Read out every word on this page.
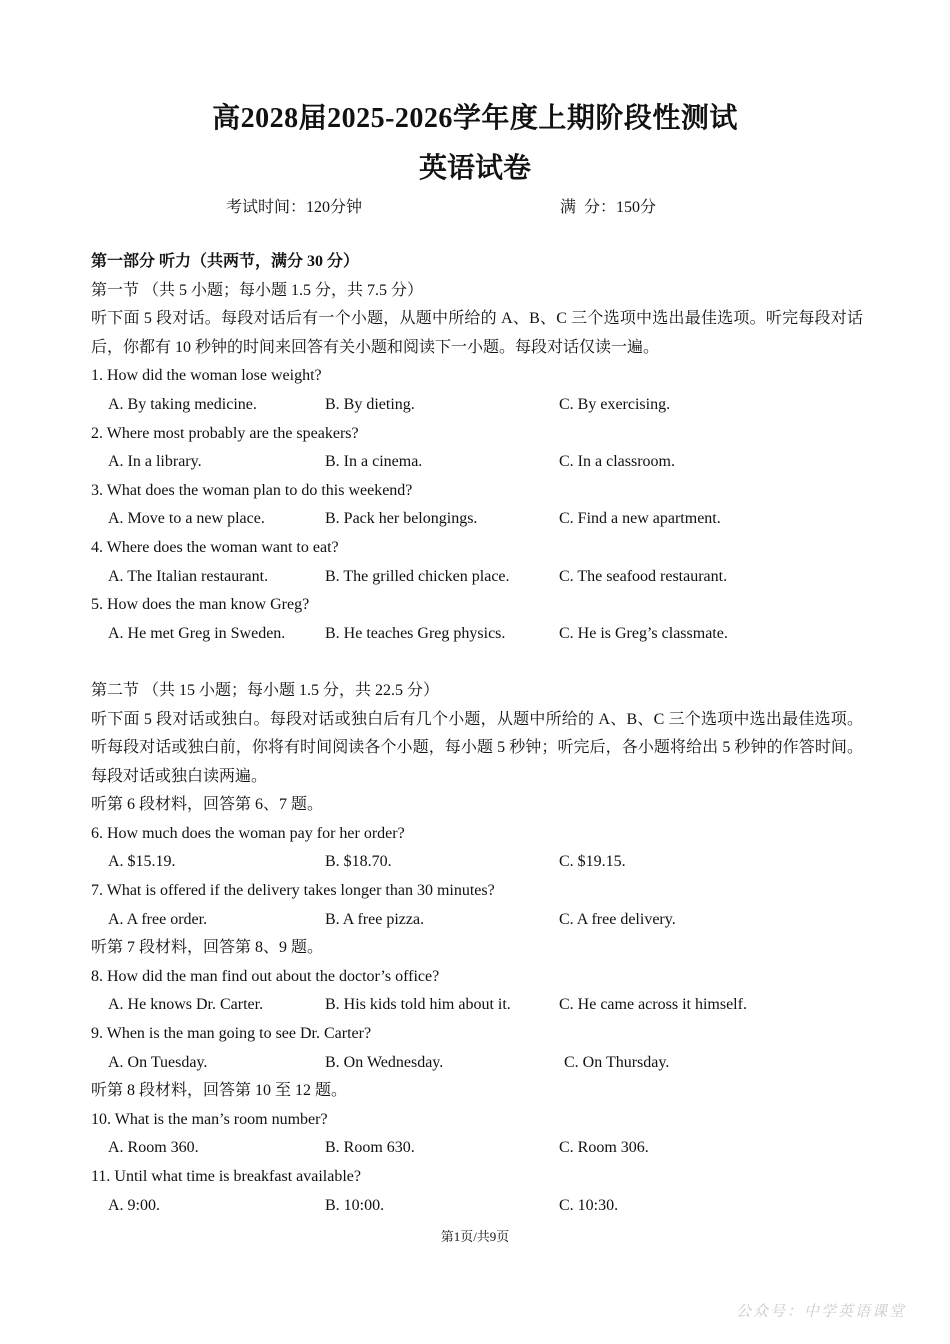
高2028届2025-2026学年度上期阶段性测试
英语试卷
考试时间：120分钟	满  分：150分
第一部分 听力（共两节，满分 30 分）
第一节 （共 5 小题；每小题 1.5 分，共 7.5 分）
听下面 5 段对话。每段对话后有一个小题，从题中所给的 A、B、C 三个选项中选出最佳选项。听完每段对话后，你都有 10 秒钟的时间来回答有关小题和阅读下一小题。每段对话仅读一遍。
1. How did the woman lose weight?
A. By taking medicine.	B. By dieting.	C. By exercising.
2. Where most probably are the speakers?
A. In a library.	B. In a cinema.	C. In a classroom.
3. What does the woman plan to do this weekend?
A. Move to a new place.	B. Pack her belongings.	C. Find a new apartment.
4. Where does the woman want to eat?
A. The Italian restaurant.	B. The grilled chicken place.	C. The seafood restaurant.
5. How does the man know Greg?
A. He met Greg in Sweden. B. He teaches Greg physics.	C. He is Greg’s classmate.
第二节 （共 15 小题；每小题 1.5 分，共 22.5 分）
听下面 5 段对话或独白。每段对话或独白后有几个小题，从题中所给的 A、B、C 三个选项中选出最佳选项。听每段对话或独白前，你将有时间阅读各个小题，每小题 5 秒钟；听完后，各小题将给出 5 秒钟的作答时间。每段对话或独白读两遍。
听第 6 段材料，回答第 6、7 题。
6. How much does the woman pay for her order?
A. $15.19.	B. $18.70.	C. $19.15.
7. What is offered if the delivery takes longer than 30 minutes?
A. A free order.	B. A free pizza.	C. A free delivery.
听第 7 段材料，回答第 8、9 题。
8. How did the man find out about the doctor’s office?
A. He knows Dr. Carter.	B. His kids told him about it.	C. He came across it himself.
9. When is the man going to see Dr. Carter?
A. On Tuesday.	B. On Wednesday.	C. On Thursday.
听第 8 段材料，回答第 10 至 12 题。
10. What is the man’s room number?
A. Room 360.	B. Room 630.	C. Room 306.
11. Until what time is breakfast available?
A. 9:00.	B. 10:00.	C. 10:30.
第1页/共9页
公众号：中学英语课堂
